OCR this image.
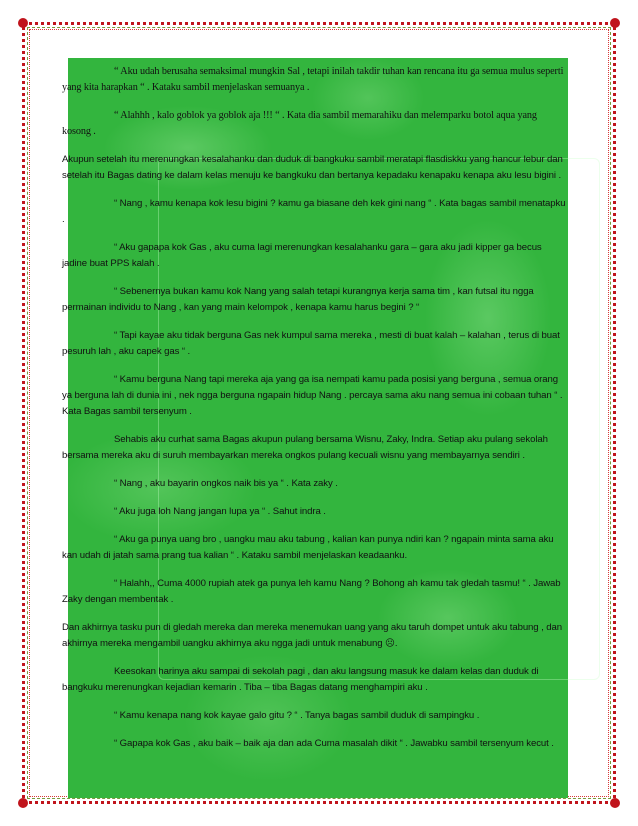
“ Aku udah berusaha semaksimal mungkin Sal , tetapi inilah takdir tuhan kan rencana itu ga semua mulus seperti yang kita harapkan “ . Kataku sambil menjelaskan semuanya .

“ Alahhh , kalo goblok ya goblok aja !!! “ . Kata dia sambil memarahiku dan melemparku botol aqua yang kosong .

Akupun setelah itu merenungkan kesalahanku dan duduk di bangkuku sambil meratapi flasdiskku yang hancur lebur dan setelah itu Bagas dating ke dalam kelas menuju ke bangkuku dan bertanya kepadaku kenapaku kenapa aku lesu bigini .

“ Nang , kamu kenapa kok lesu bigini ? kamu ga biasane deh kek gini nang “ . Kata bagas sambil menatapku .

“ Aku gapapa kok Gas , aku cuma lagi merenungkan kesalahanku gara – gara aku jadi kipper ga becus jadine buat PPS kalah .

“ Sebenernya bukan kamu kok Nang yang salah tetapi kurangnya kerja sama tim , kan futsal itu ngga permainan individu to Nang , kan yang main kelompok , kenapa kamu harus begini ? “

“ Tapi kayae aku tidak berguna Gas nek kumpul sama mereka , mesti di buat kalah – kalahan , terus di buat pesuruh lah , aku capek gas “ .

“ Kamu berguna Nang tapi mereka aja yang ga isa nempati kamu pada posisi yang berguna , semua orang ya berguna lah di dunia ini , nek ngga berguna ngapain hidup Nang . percaya sama aku nang semua ini cobaan tuhan “ . Kata Bagas sambil tersenyum .

Sehabis aku curhat sama Bagas akupun pulang bersama Wisnu, Zaky, Indra. Setiap aku pulang sekolah bersama mereka aku di suruh membayarkan mereka ongkos pulang kecuali wisnu yang membayarnya sendiri .

“ Nang , aku bayarin ongkos naik bis ya “ . Kata zaky .

“ Aku juga loh Nang jangan lupa ya “ . Sahut indra .

“ Aku ga punya uang bro , uangku mau aku tabung , kalian kan punya ndiri kan ? ngapain minta sama aku kan udah di jatah sama prang tua kalian “ . Kataku sambil menjelaskan keadaanku.

“ Halahh,, Cuma 4000 rupiah atek ga punya leh kamu Nang ? Bohong ah kamu tak gledah tasmu! “ . Jawab Zaky dengan membentak .

Dan akhirnya tasku pun di gledah mereka dan mereka menemukan uang yang aku taruh dompet untuk aku tabung , dan akhirnya mereka mengambil uangku akhirnya aku ngga jadi untuk menabung ☹.

Keesokan harinya aku sampai di sekolah pagi , dan aku langsung masuk ke dalam kelas dan duduk di bangkuku merenungkan kejadian kemarin . Tiba – tiba Bagas datang menghampiri aku .

“ Kamu kenapa nang kok kayae galo gitu ? “ . Tanya bagas sambil duduk di sampingku .

“ Gapapa kok Gas , aku baik – baik aja dan ada Cuma masalah dikit “ . Jawabku sambil tersenyum kecut .
